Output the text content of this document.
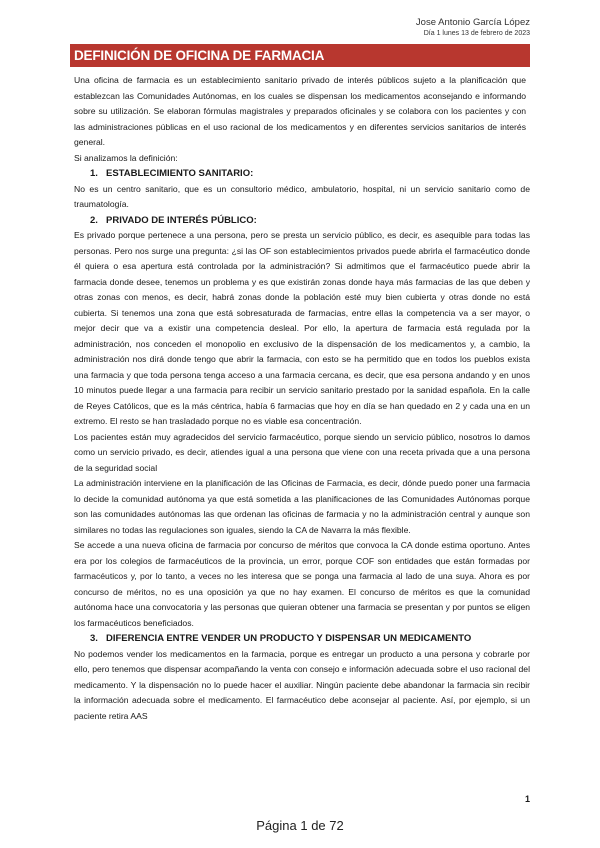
Jose Antonio García López
Día 1 lunes 13 de febrero de 2023
DEFINICIÓN DE OFICINA DE FARMACIA

Una oficina de farmacia es un establecimiento sanitario privado de interés públicos sujeto a la planificación que establezcan las Comunidades Autónomas, en los cuales se dispensan los medicamentos aconsejando e informando sobre su utilización. Se elaboran fórmulas magistrales y preparados oficinales y se colabora con los pacientes y con las administraciones públicas en el uso racional de los medicamentos y en diferentes servicios sanitarios de interés general.

Si analizamos la definición:

1. ESTABLECIMIENTO SANITARIO:

No es un centro sanitario, que es un consultorio médico, ambulatorio, hospital, ni un servicio sanitario como de traumatología.

2. PRIVADO DE INTERÉS PÚBLICO:

Es privado porque pertenece a una persona, pero se presta un servicio público, es decir, es asequible para todas las personas. Pero nos surge una pregunta: ¿si las OF son establecimientos privados puede abrirla el farmacéutico donde él quiera o esa apertura está controlada por la administración? Si admitimos que el farmacéutico puede abrir la farmacia donde desee, tenemos un problema y es que existirán zonas donde haya más farmacias de las que deben y otras zonas con menos, es decir, habrá zonas donde la población esté muy bien cubierta y otras donde no está cubierta. Si tenemos una zona que está sobresaturada de farmacias, entre ellas la competencia va a ser mayor, o mejor decir que va a existir una competencia desleal. Por ello, la apertura de farmacia está regulada por la administración, nos conceden el monopolio en exclusivo de la dispensación de los medicamentos y, a cambio, la administración nos dirá donde tengo que abrir la farmacia, con esto se ha permitido que en todos los pueblos exista una farmacia y que toda persona tenga acceso a una farmacia cercana, es decir, que esa persona andando y en unos 10 minutos puede llegar a una farmacia para recibir un servicio sanitario prestado por la sanidad española. En la calle de Reyes Católicos, que es la más céntrica, había 6 farmacias que hoy en día se han quedado en 2 y cada una en un extremo. El resto se han trasladado porque no es viable esa concentración.

Los pacientes están muy agradecidos del servicio farmacéutico, porque siendo un servicio público, nosotros lo damos como un servicio privado, es decir, atiendes igual a una persona que viene con una receta privada que a una persona de la seguridad social

La administración interviene en la planificación de las Oficinas de Farmacia, es decir, dónde puedo poner una farmacia lo decide la comunidad autónoma ya que está sometida a las planificaciones de las Comunidades Autónomas porque son las comunidades autónomas las que ordenan las oficinas de farmacia y no la administración central y aunque son similares no todas las regulaciones son iguales, siendo la CA de Navarra la más flexible.

Se accede a una nueva oficina de farmacia por concurso de méritos que convoca la CA donde estima oportuno. Antes era por los colegios de farmacéuticos de la provincia, un error, porque COF son entidades que están formadas por farmacéuticos y, por lo tanto, a veces no les interesa que se ponga una farmacia al lado de una suya. Ahora es por concurso de méritos, no es una oposición ya que no hay examen. El concurso de méritos es que la comunidad autónoma hace una convocatoria y las personas que quieran obtener una farmacia se presentan y por puntos se eligen los farmacéuticos beneficiados.

3. DIFERENCIA ENTRE VENDER UN PRODUCTO Y DISPENSAR UN MEDICAMENTO

No podemos vender los medicamentos en la farmacia, porque es entregar un producto a una persona y cobrarle por ello, pero tenemos que dispensar acompañando la venta con consejo e información adecuada sobre el uso racional del medicamento. Y la dispensación no lo puede hacer el auxiliar. Ningún paciente debe abandonar la farmacia sin recibir la información adecuada sobre el medicamento. El farmacéutico debe aconsejar al paciente. Así, por ejemplo, si un paciente retira AAS

1
Página 1 de 72
